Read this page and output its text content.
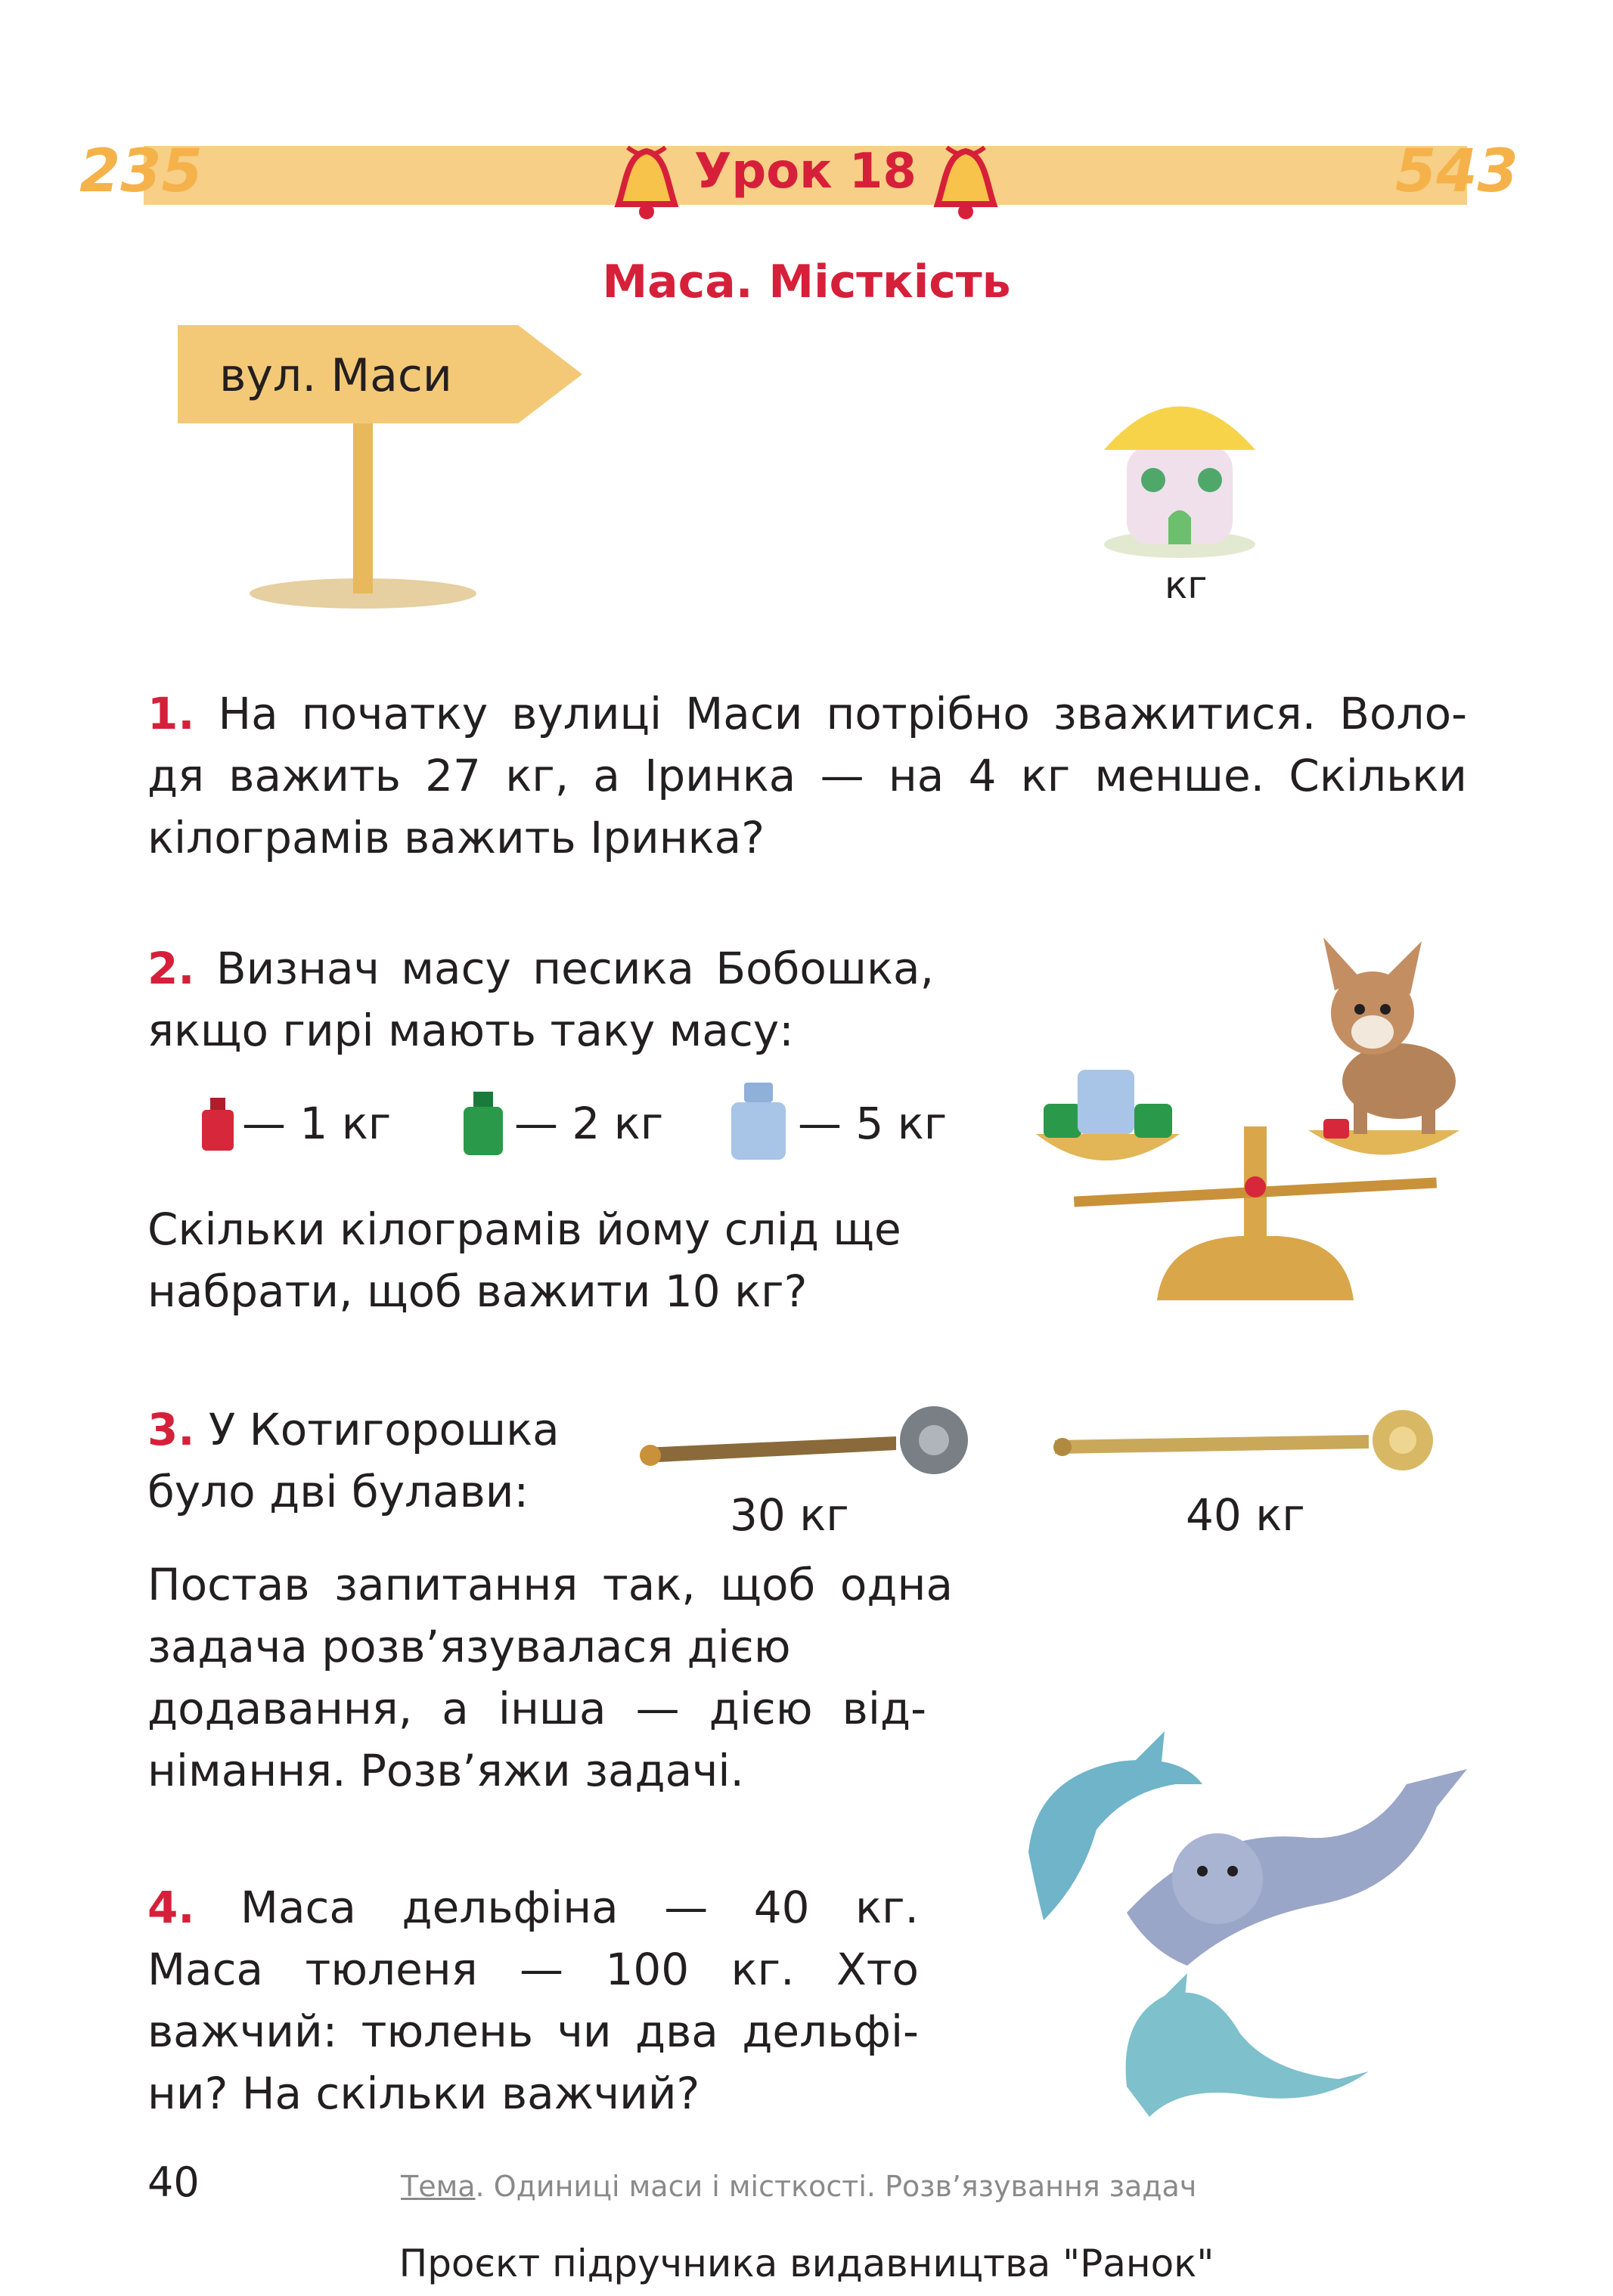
235	543
Урок 18
Маса. Місткість
вул. Маси
кг
1. На початку вулиці Маси потрібно зважитися. Воло-
дя важить 27 кг, а Іринка — на 4 кг менше. Скільки
кілограмів важить Іринка?
2. Визнач масу песика Бобошка,
якщо гирі мають таку масу:
— 1 кг	— 2 кг	— 5 кг
Скільки кілограмів йому слід ще
набрати, щоб важити 10 кг?
3. У Котигорошка
було дві булави:	30 кг	40 кг
Постав запитання так, щоб одна
задача розв’язувалася дією
додавання, а інша — дією від-
німання. Розв’яжи задачі.
4. Маса дельфіна — 40 кг.
Маса тюленя — 100 кг. Хто
важчий: тюлень чи два дельфі-
ни? На скільки важчий?
40	Тема. Одиниці маси і місткості. Розв’язування задач
Проєкт підручника видавництва "Ранок"
